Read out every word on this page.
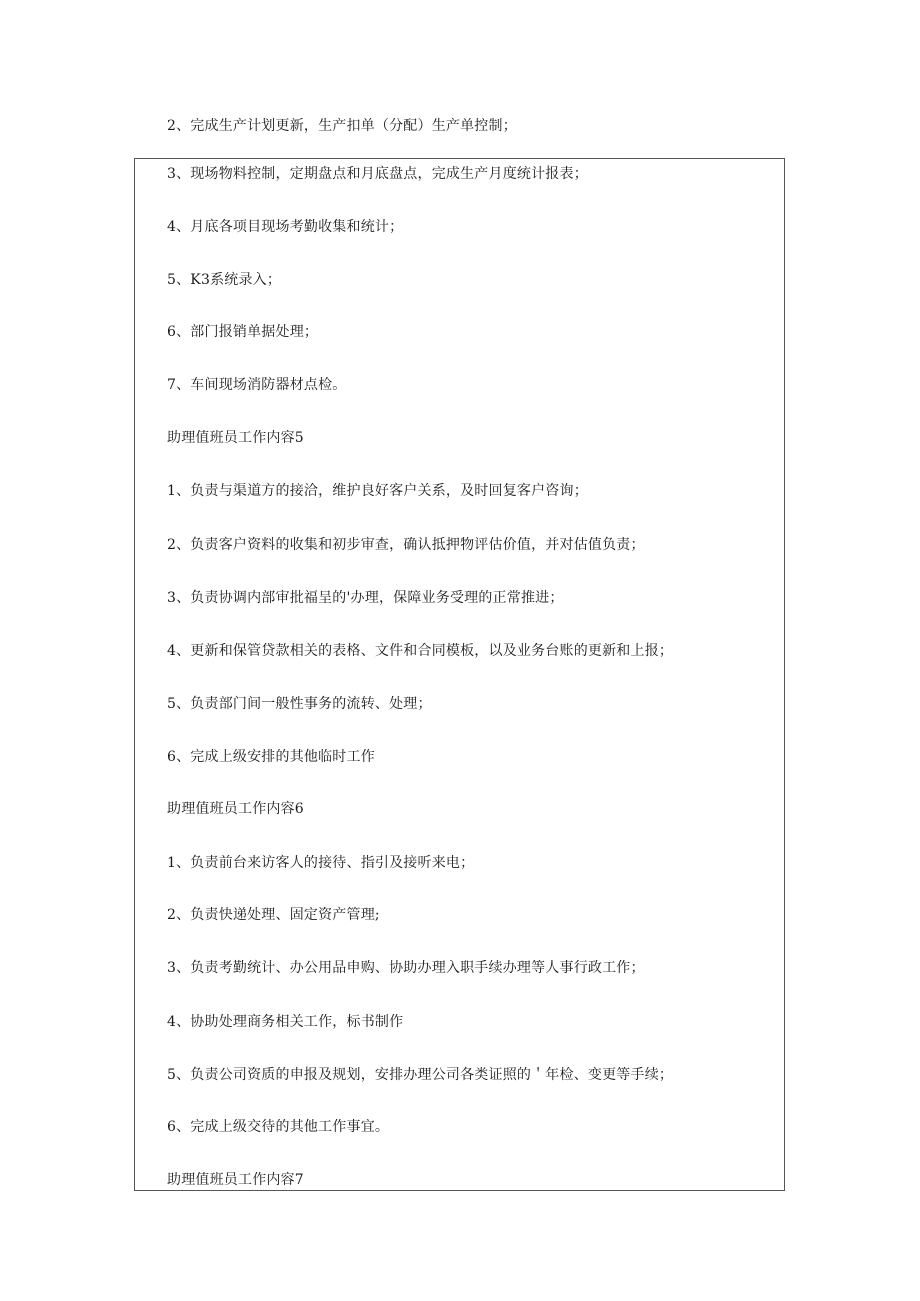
2、完成生产计划更新，生产扣单（分配）生产单控制；
3、现场物料控制，定期盘点和月底盘点，完成生产月度统计报表；
4、月底各项目现场考勤收集和统计；
5、K3系统录入；
6、部门报销单据处理；
7、车间现场消防器材点检。
助理值班员工作内容5
1、负责与渠道方的接洽，维护良好客户关系，及时回复客户咨询；
2、负责客户资料的收集和初步审查，确认抵押物评估价值，并对估值负责；
3、负责协调内部审批福呈的'办理，保障业务受理的正常推进；
4、更新和保管贷款相关的表格、文件和合同模板，以及业务台账的更新和上报；
5、负责部门间一般性事务的流转、处理；
6、完成上级安排的其他临时工作
助理值班员工作内容6
1、负责前台来访客人的接待、指引及接听来电；
2、负责快递处理、固定资产管理;
3、负责考勤统计、办公用品申购、协助办理入职手续办理等人事行政工作；
4、协助处理商务相关工作，标书制作
5、负责公司资质的申报及规划，安排办理公司各类证照的＇年检、变更等手续；
6、完成上级交待的其他工作事宜。
助理值班员工作内容7
